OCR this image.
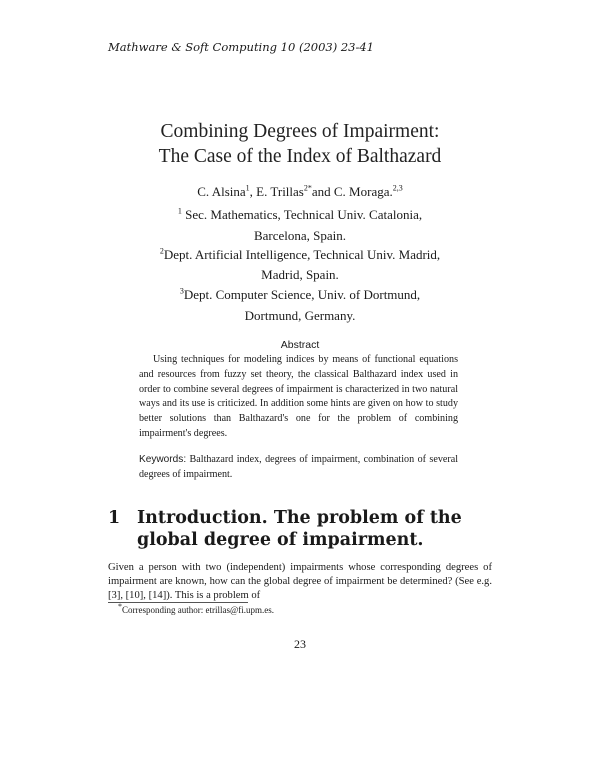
Mathware & Soft Computing 10 (2003) 23-41
Combining Degrees of Impairment:
The Case of the Index of Balthazard
C. Alsina$^1$, E. Trillas$^{2*}$and C. Moraga.$^{2,3}$
$^1$ Sec. Mathematics, Technical Univ. Catalonia,
Barcelona, Spain.
$^2$Dept. Artificial Intelligence, Technical Univ. Madrid,
Madrid, Spain.
$^3$Dept. Computer Science, Univ. of Dortmund,
Dortmund, Germany.
Abstract
Using techniques for modeling indices by means of functional equations and resources from fuzzy set theory, the classical Balthazard index used in order to combine several degrees of impairment is characterized in two natural ways and its use is criticized. In addition some hints are given on how to study better solutions than Balthazard's one for the problem of combining impairment's degrees.
Keywords: Balthazard index, degrees of impairment, combination of several degrees of impairment.
1 Introduction. The problem of the global degree of impairment.
Given a person with two (independent) impairments whose corresponding degrees of impairment are known, how can the global degree of impairment be determined? (See e.g. [3], [10], [14]). This is a problem of
*Corresponding author: etrillas@fi.upm.es.
23
